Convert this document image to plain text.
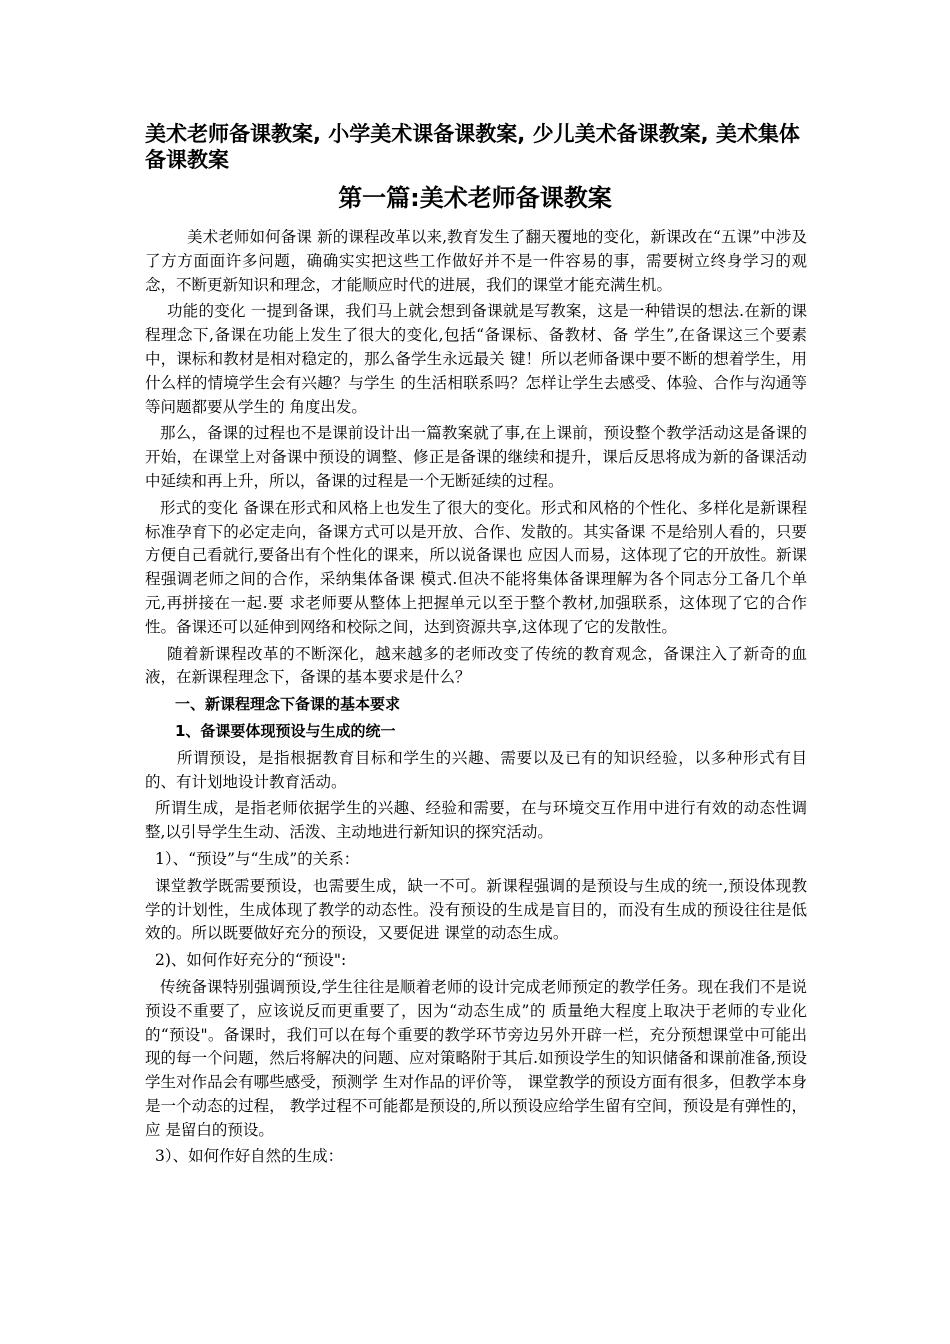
美术老师备课教案, 小学美术课备课教案, 少儿美术备课教案, 美术集体备课教案
第一篇:美术老师备课教案

美术老师如何备课 新的课程改革以来,教育发生了翻天覆地的变化，新课改在“五课”中涉及了方方面面许多问题，确确实实把这些工作做好并不是一件容易的事，需要树立终身学习的观念，不断更新知识和理念，才能顺应时代的进展，我们的课堂才能充满生机。

功能的变化 一提到备课，我们马上就会想到备课就是写教案，这是一种错误的想法.在新的课程理念下,备课在功能上发生了很大的变化,包括“备课标、备教材、备 学生”,在备课这三个要素中，课标和教材是相对稳定的，那么备学生永远最关 键！所以老师备课中要不断的想着学生，用什么样的情境学生会有兴趣？与学生 的生活相联系吗？怎样让学生去感受、体验、合作与沟通等等问题都要从学生的 角度出发。

那么，备课的过程也不是课前设计出一篇教案就了事,在上课前，预设整个教学活动这是备课的开始，在课堂上对备课中预设的调整、修正是备课的继续和提升，课后反思将成为新的备课活动中延续和再上升，所以，备课的过程是一个无断延续的过程。

形式的变化 备课在形式和风格上也发生了很大的变化。形式和风格的个性化、多样化是新课程标准孕育下的必定走向，备课方式可以是开放、合作、发散的。其实备课 不是给别人看的，只要方便自己看就行,要备出有个性化的课来，所以说备课也 应因人而易，这体现了它的开放性。新课程强调老师之间的合作，采纳集体备课 模式.但决不能将集体备课理解为各个同志分工备几个单元,再拼接在一起.要 求老师要从整体上把握单元以至于整个教材,加强联系，这体现了它的合作性。备课还可以延伸到网络和校际之间，达到资源共享,这体现了它的发散性。

随着新课程改革的不断深化，越来越多的老师改变了传统的教育观念，备课注入了新奇的血液，在新课程理念下，备课的基本要求是什么？

一、新课程理念下备课的基本要求

1、备课要体现预设与生成的统一

所谓预设，是指根据教育目标和学生的兴趣、需要以及已有的知识经验，以多种形式有目的、有计划地设计教育活动。

所谓生成，是指老师依据学生的兴趣、经验和需要，在与环境交互作用中进行有效的动态性调整,以引导学生生动、活泼、主动地进行新知识的探究活动。

1）、“预设”与“生成”的关系：

课堂教学既需要预设，也需要生成，缺一不可。新课程强调的是预设与生成的统一,预设体现教学的计划性，生成体现了教学的动态性。没有预设的生成是盲目的，而没有生成的预设往往是低效的。所以既要做好充分的预设，又要促进 课堂的动态生成。

2)、如何作好充分的“预设":

传统备课特别强调预设,学生往往是顺着老师的设计完成老师预定的教学任务。现在我们不是说预设不重要了，应该说反而更重要了，因为“动态生成”的 质量绝大程度上取决于老师的专业化的“预设"。备课时，我们可以在每个重要的教学环节旁边另外开辟一栏，充分预想课堂中可能出现的每一个问题，然后将解决的问题、应对策略附于其后.如预设学生的知识储备和课前准备,预设学生对作品会有哪些感受，预测学 生对作品的评价等， 课堂教学的预设方面有很多，但教学本身是一个动态的过程， 教学过程不可能都是预设的,所以预设应给学生留有空间，预设是有弹性的，应 是留白的预设。

3）、如何作好自然的生成：
